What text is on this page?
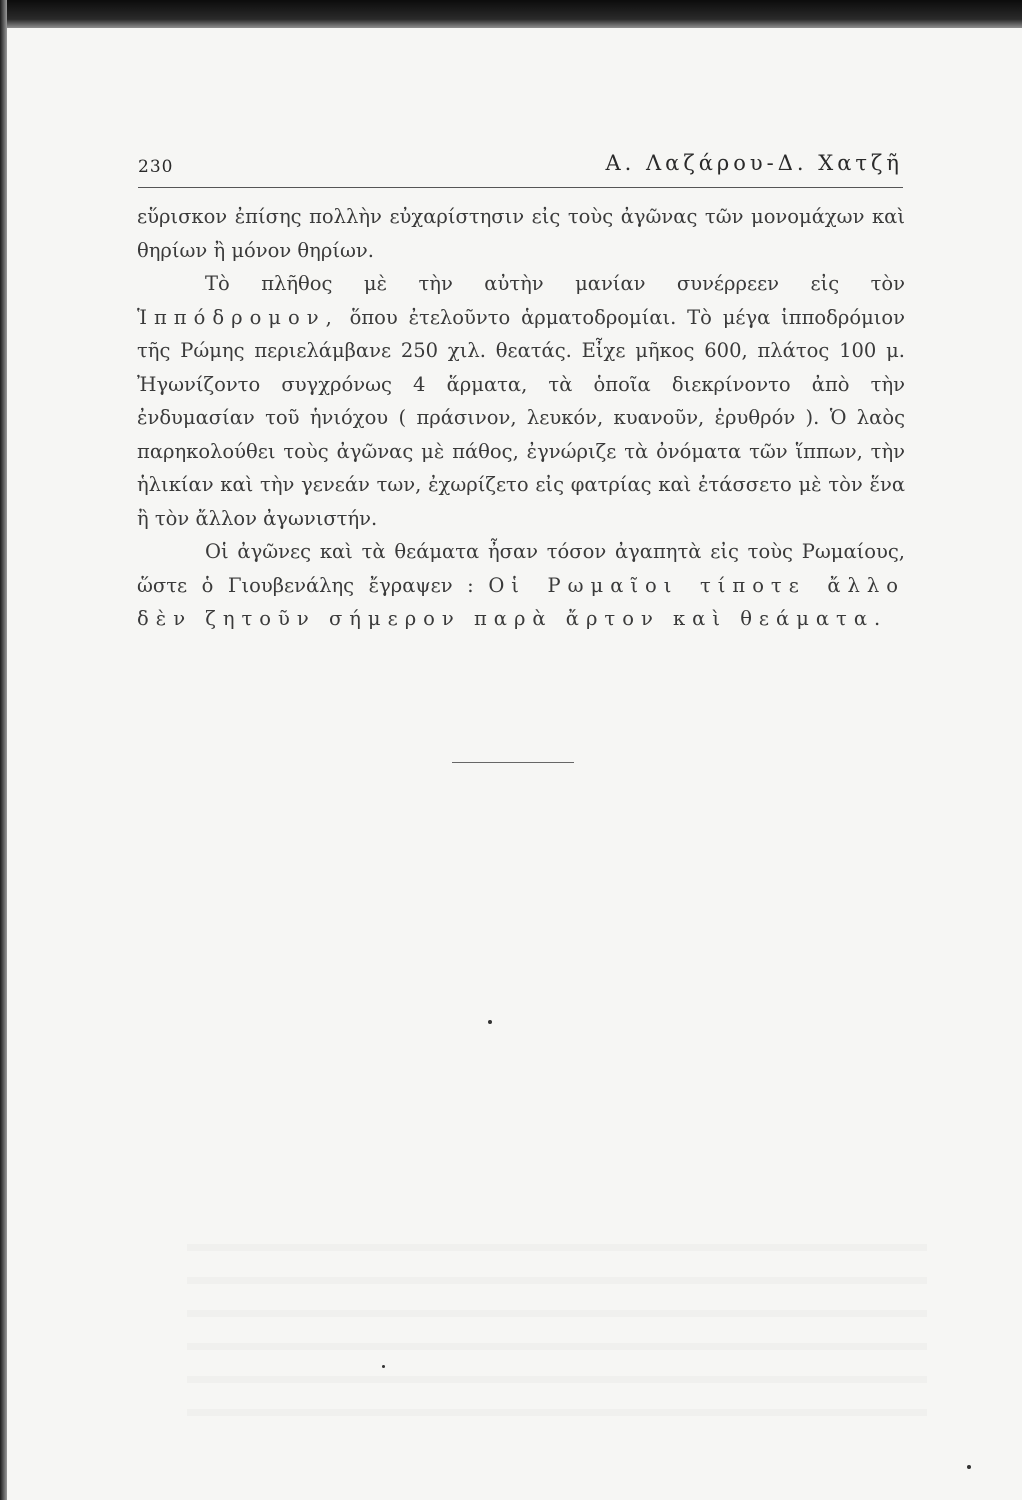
230	Α. Λαζάρου-Δ. Χατζῆ

εὕρισκον ἐπίσης πολλὴν εὐχαρίστησιν εἰς τοὺς ἀγῶνας τῶν μονομάχων καὶ θηρίων ἢ μόνον θηρίων.

Τὸ πλῆθος μὲ τὴν αὐτὴν μανίαν συνέρρεεν εἰς τὸν Ἱππόδρομον, ὅπου ἐτελοῦντο ἁρματοδρομίαι. Τὸ μέγα ἱπποδρόμιον τῆς Ρώμης περιελάμβανε 250 χιλ. θεατάς. Εἶχε μῆκος 600, πλάτος 100 μ. Ἠγωνίζοντο συγχρόνως 4 ἅρματα, τὰ ὁποῖα διεκρίνοντο ἀπὸ τὴν ἐνδυμασίαν τοῦ ἡνιόχου ( πράσινον, λευκόν, κυανοῦν, ἐρυθρόν ). Ὁ λαὸς παρηκολούθει τοὺς ἀγῶνας μὲ πάθος, ἐγνώριζε τὰ ὀνόματα τῶν ἵππων, τὴν ἡλικίαν καὶ τὴν γενεάν των, ἐχωρίζετο εἰς φατρίας καὶ ἐτάσσετο μὲ τὸν ἕνα ἢ τὸν ἄλλον ἀγωνιστήν.

Οἱ ἀγῶνες καὶ τὰ θεάματα ἦσαν τόσον ἀγαπητὰ εἰς τοὺς Ρωμαίους, ὥστε ὁ Γιουβενάλης ἔγραψεν : Οἱ Ρωμαῖοι τίποτε ἄλλο δὲν ζητοῦν σήμερον παρὰ ἄρτον καὶ θεάματα.
